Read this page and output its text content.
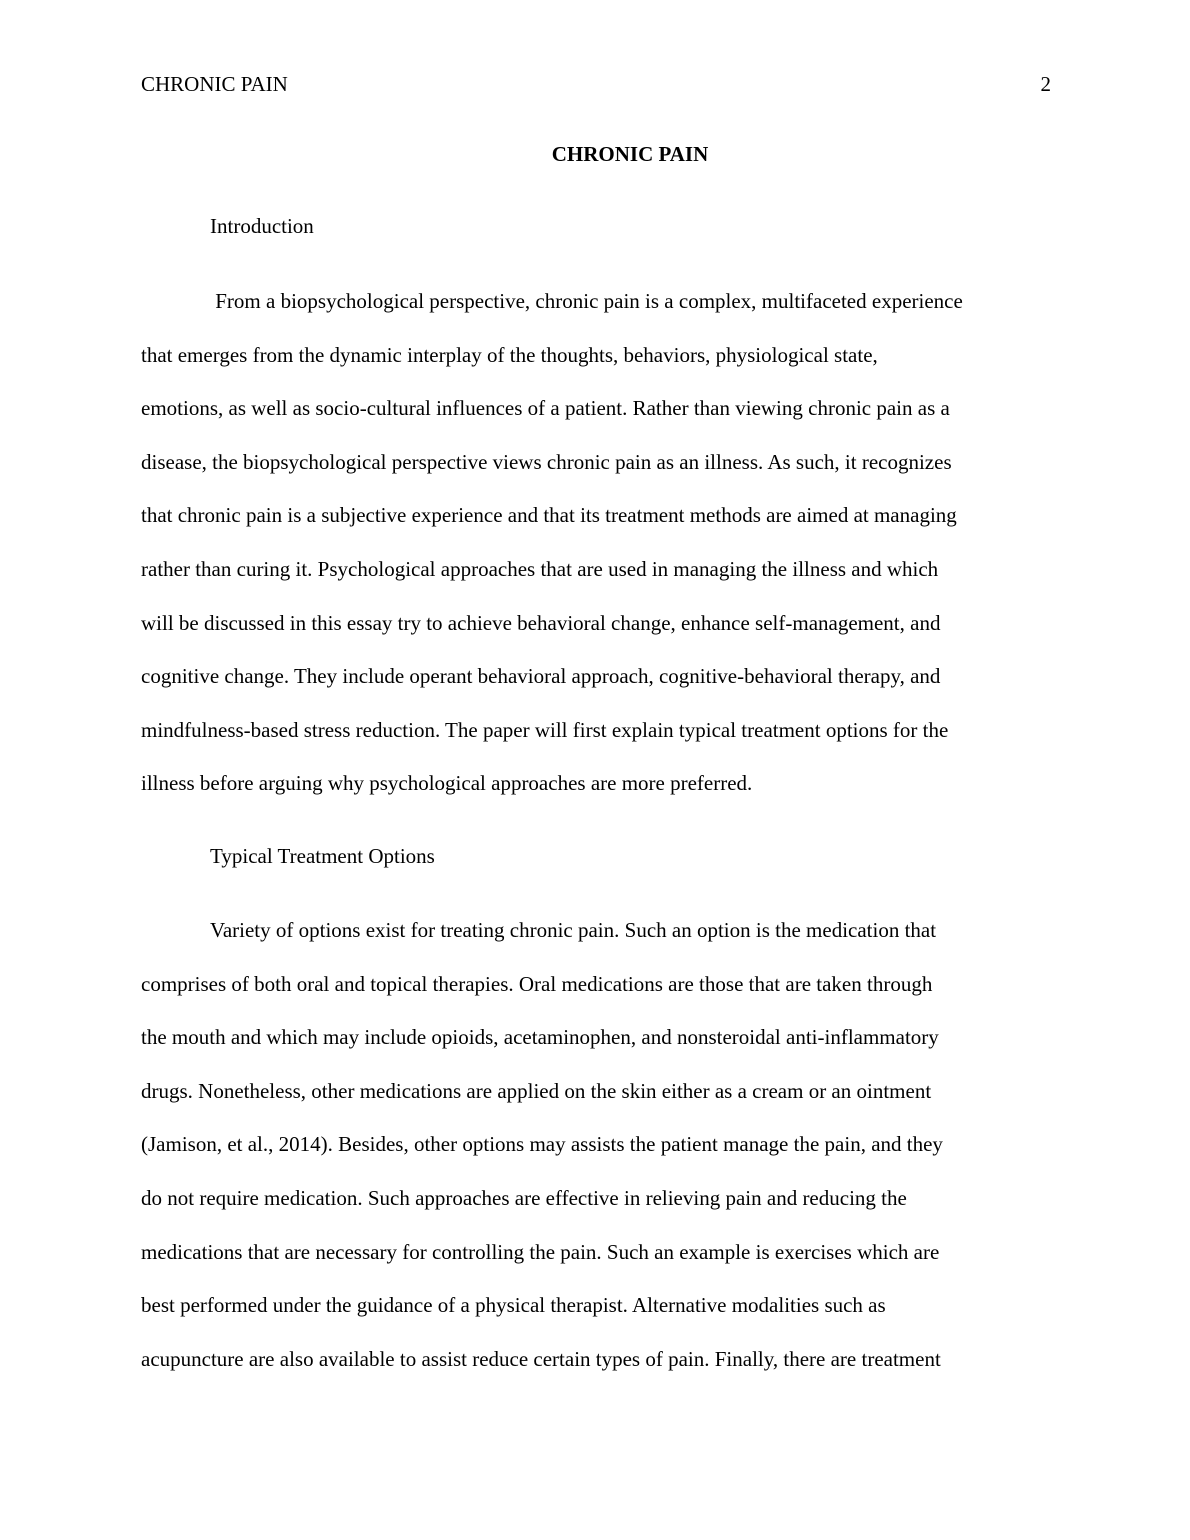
CHRONIC PAIN	2
CHRONIC PAIN
Introduction
From a biopsychological perspective, chronic pain is a complex, multifaceted experience
that emerges from the dynamic interplay of the thoughts, behaviors, physiological state,
emotions, as well as socio-cultural influences of a patient. Rather than viewing chronic pain as a
disease, the biopsychological perspective views chronic pain as an illness. As such, it recognizes
that chronic pain is a subjective experience and that its treatment methods are aimed at managing
rather than curing it. Psychological approaches that are used in managing the illness and which
will be discussed in this essay try to achieve behavioral change, enhance self-management, and
cognitive change. They include operant behavioral approach, cognitive-behavioral therapy, and
mindfulness-based stress reduction. The paper will first explain typical treatment options for the
illness before arguing why psychological approaches are more preferred.
Typical Treatment Options
Variety of options exist for treating chronic pain. Such an option is the medication that
comprises of both oral and topical therapies. Oral medications are those that are taken through
the mouth and which may include opioids, acetaminophen, and nonsteroidal anti-inflammatory
drugs. Nonetheless, other medications are applied on the skin either as a cream or an ointment
(Jamison, et al., 2014). Besides, other options may assists the patient manage the pain, and they
do not require medication. Such approaches are effective in relieving pain and reducing the
medications that are necessary for controlling the pain. Such an example is exercises which are
best performed under the guidance of a physical therapist. Alternative modalities such as
acupuncture are also available to assist reduce certain types of pain. Finally, there are treatment
